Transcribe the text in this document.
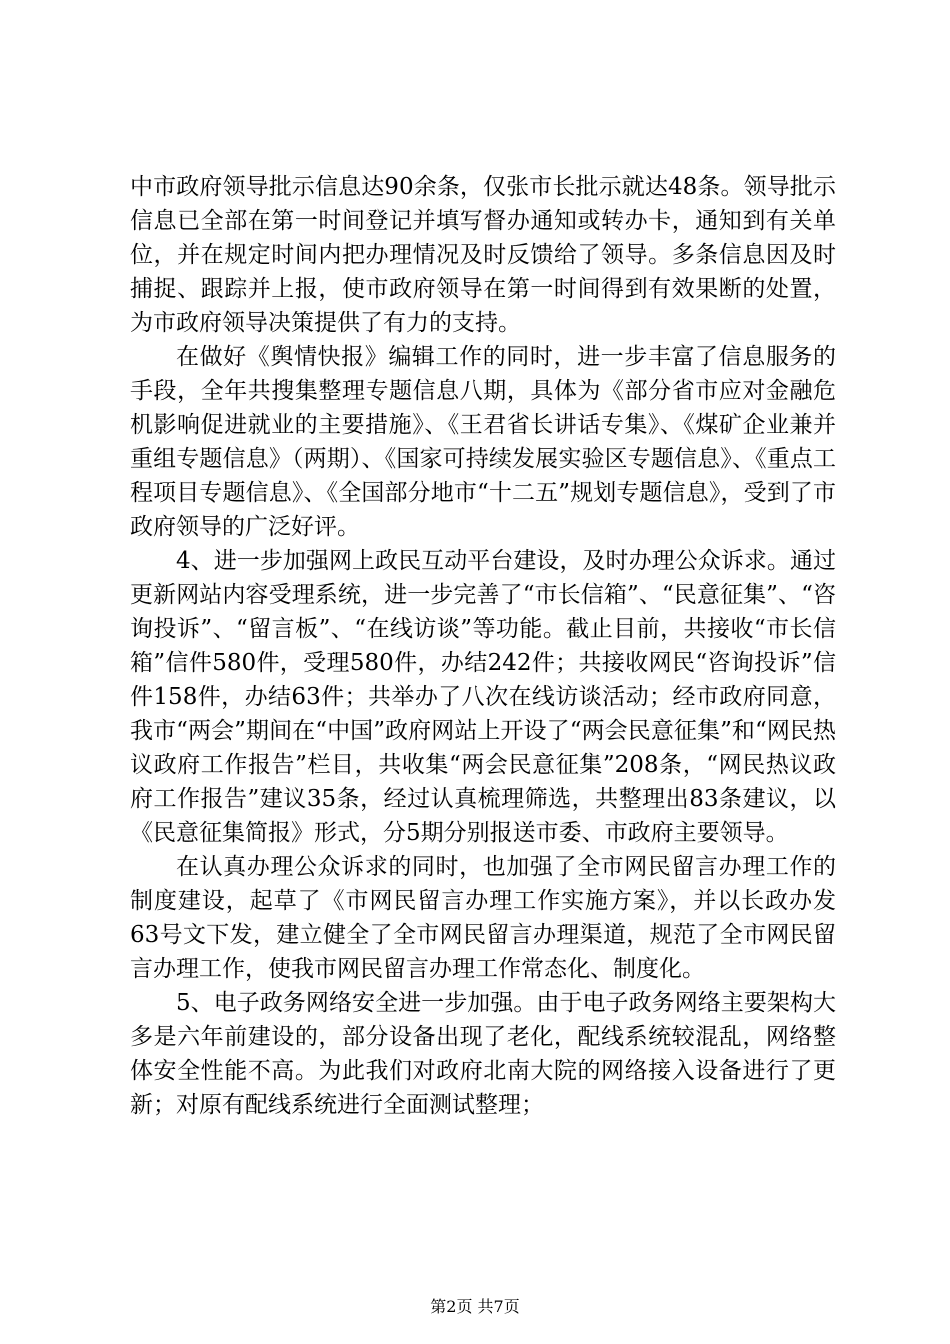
中市政府领导批示信息达90余条，仅张市长批示就达48条。领导批示信息已全部在第一时间登记并填写督办通知或转办卡，通知到有关单位，并在规定时间内把办理情况及时反馈给了领导。多条信息因及时捕捉、跟踪并上报，使市政府领导在第一时间得到有效果断的处置，为市政府领导决策提供了有力的支持。

在做好《舆情快报》编辑工作的同时，进一步丰富了信息服务的手段，全年共搜集整理专题信息八期，具体为《部分省市应对金融危机影响促进就业的主要措施》、《王君省长讲话专集》、《煤矿企业兼并重组专题信息》（两期）、《国家可持续发展实验区专题信息》、《重点工程项目专题信息》、《全国部分地市“十二五”规划专题信息》，受到了市政府领导的广泛好评。

4、进一步加强网上政民互动平台建设，及时办理公众诉求。通过更新网站内容受理系统，进一步完善了“市长信箱”、“民意征集”、“咨询投诉”、“留言板”、“在线访谈”等功能。截止目前，共接收“市长信箱”信件580件，受理580件，办结242件；共接收网民“咨询投诉”信件158件，办结63件；共举办了八次在线访谈活动；经市政府同意，我市“两会”期间在“中国”政府网站上开设了“两会民意征集”和“网民热议政府工作报告”栏目，共收集“两会民意征集”208条，“网民热议政府工作报告”建议35条，经过认真梳理筛选，共整理出83条建议，以《民意征集简报》形式，分5期分别报送市委、市政府主要领导。

在认真办理公众诉求的同时，也加强了全市网民留言办理工作的制度建设，起草了《市网民留言办理工作实施方案》，并以长政办发63号文下发，建立健全了全市网民留言办理渠道，规范了全市网民留言办理工作，使我市网民留言办理工作常态化、制度化。

5、电子政务网络安全进一步加强。由于电子政务网络主要架构大多是六年前建设的，部分设备出现了老化，配线系统较混乱，网络整体安全性能不高。为此我们对政府北南大院的网络接入设备进行了更新；对原有配线系统进行全面测试整理；

第2页 共7页
